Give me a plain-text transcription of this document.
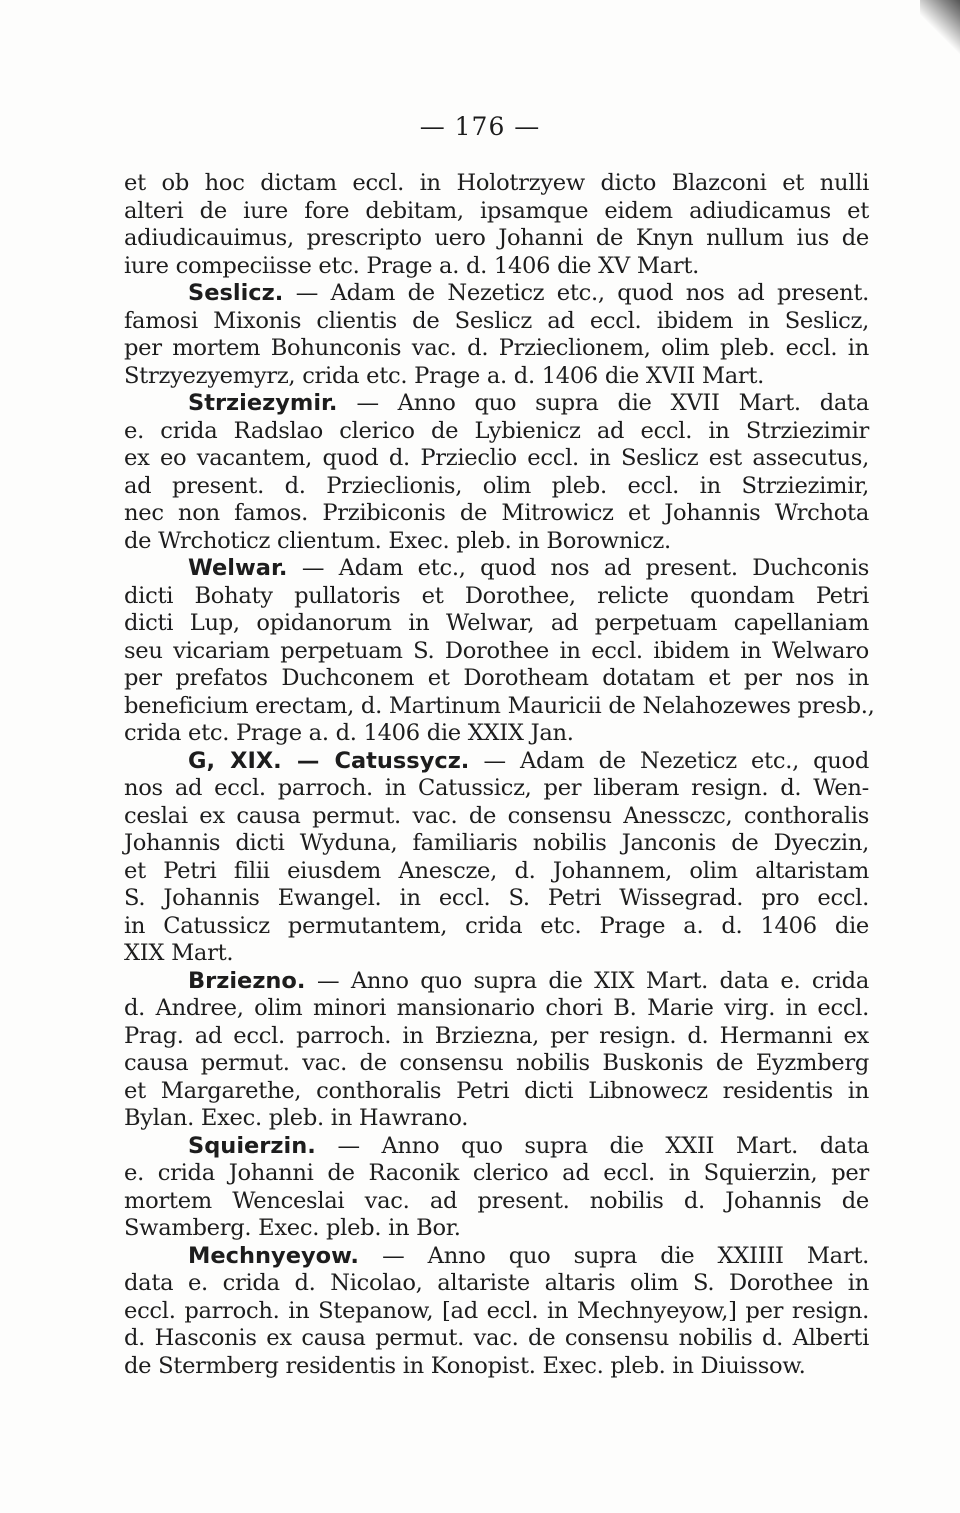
— 176 —
et ob hoc dictam eccl. in Holotrzyew dicto Blazconi et nulli
alteri de iure fore debitam, ipsamque eidem adiudicamus et
adiudicauimus, prescripto uero Johanni de Knyn nullum ius de
iure compeciisse etc. Prage a. d. 1406 die XV Mart.
Seslicz. — Adam de Nezeticz etc., quod nos ad present.
famosi Mixonis clientis de Seslicz ad eccl. ibidem in Seslicz,
per mortem Bohunconis vac. d. Przieclionem, olim pleb. eccl. in
Strzyezyemyrz, crida etc. Prage a. d. 1406 die XVII Mart.
Strziezymir. — Anno quo supra die XVII Mart. data
e. crida Radslao clerico de Lybienicz ad eccl. in Strziezimir
ex eo vacantem, quod d. Przieclio eccl. in Seslicz est assecutus,
ad present. d. Przieclionis, olim pleb. eccl. in Strziezimir,
nec non famos. Przibiconis de Mitrowicz et Johannis Wrchota
de Wrchoticz clientum. Exec. pleb. in Borownicz.
Welwar. — Adam etc., quod nos ad present. Duchconis
dicti Bohaty pullatoris et Dorothee, relicte quondam Petri
dicti Lup, opidanorum in Welwar, ad perpetuam capellaniam
seu vicariam perpetuam S. Dorothee in eccl. ibidem in Welwaro
per prefatos Duchconem et Dorotheam dotatam et per nos in
beneficium erectam, d. Martinum Mauricii de Nelahozewes presb.,
crida etc. Prage a. d. 1406 die XXIX Jan.
G, XIX. — Catussycz. — Adam de Nezeticz etc., quod
nos ad eccl. parroch. in Catussicz, per liberam resign. d. Wen-
ceslai ex causa permut. vac. de consensu Anessczc, conthoralis
Johannis dicti Wyduna, familiaris nobilis Janconis de Dyeczin,
et Petri filii eiusdem Anescze, d. Johannem, olim altaristam
S. Johannis Ewangel. in eccl. S. Petri Wissegrad. pro eccl.
in Catussicz permutantem, crida etc. Prage a. d. 1406 die
XIX Mart.
Brziezno. — Anno quo supra die XIX Mart. data e. crida
d. Andree, olim minori mansionario chori B. Marie virg. in eccl.
Prag. ad eccl. parroch. in Brziezna, per resign. d. Hermanni ex
causa permut. vac. de consensu nobilis Buskonis de Eyzmberg
et Margarethe, conthoralis Petri dicti Libnowecz residentis in
Bylan. Exec. pleb. in Hawrano.
Squierzin. — Anno quo supra die XXII Mart. data
e. crida Johanni de Raconik clerico ad eccl. in Squierzin, per
mortem Wenceslai vac. ad present. nobilis d. Johannis de
Swamberg. Exec. pleb. in Bor.
Mechnyeyow. — Anno quo supra die XXIIII Mart.
data e. crida d. Nicolao, altariste altaris olim S. Dorothee in
eccl. parroch. in Stepanow, [ad eccl. in Mechnyeyow,] per resign.
d. Hasconis ex causa permut. vac. de consensu nobilis d. Alberti
de Stermberg residentis in Konopist. Exec. pleb. in Diuissow.
